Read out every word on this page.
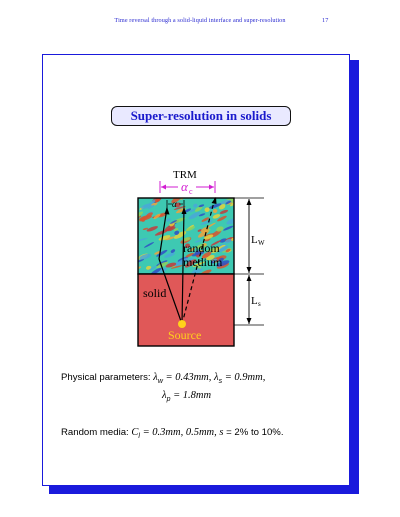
Time reversal through a solid-liquid interface and super-resolution	17
Super-resolution in solids
TRM
α c
α
random
medium
solid
Source
L W
L s
Physical parameters: $\lambda_w = 0.43mm$, $\lambda_s = 0.9mm$,
$\lambda_p = 1.8mm$
Random media: $C_l = 0.3mm$, 0.5mm, s = 2% to 10%.
